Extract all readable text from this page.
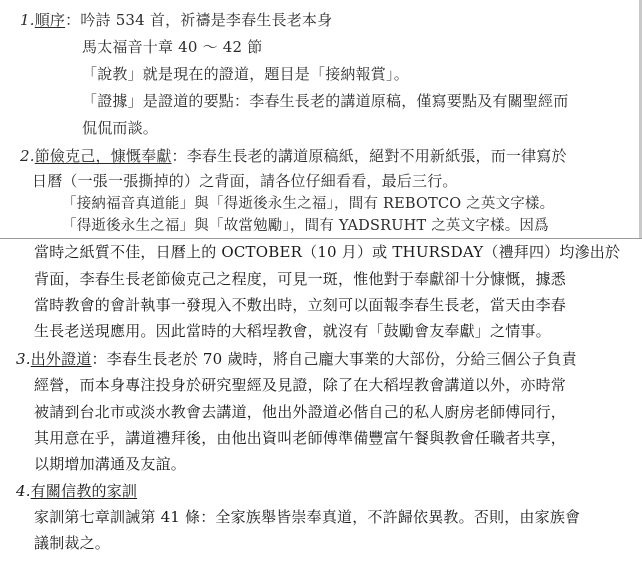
1.順序：吟詩 534 首，祈禱是李春生長老本身
馬太福音十章 40 ～ 42 節
「說教」就是現在的證道，題目是「接納報賞」。
「證據」是證道的要點：李春生長老的講道原稿，僅寫要點及有關聖經而
侃侃而談。
2.節儉克己，慷慨奉獻：李春生長老的講道原稿紙，絕對不用新紙張，而一律寫於
日曆（一張一張撕掉的）之背面，請各位仔細看看，最后三行。
「接納福音真道能」與「得逝後永生之福」，間有 REBOTCO 之英文字樣。
「得逝後永生之福」與「故當勉勵」，間有 YADSRUHT 之英文字樣。因爲
當時之紙質不佳，日曆上的 OCTOBER（10 月）或 THURSDAY（禮拜四）均滲出於
背面，李春生長老節儉克己之程度，可見一斑，惟他對于奉獻卻十分慷慨，據悉
當時教會的會計執事一發現入不敷出時，立刻可以面報李春生長老，當天由李春
生長老送現應用。因此當時的大稻埕教會，就沒有「鼓勵會友奉獻」之情事。
3.出外證道：李春生長老於 70 歲時，將自己龐大事業的大部份，分給三個公子負責
經營，而本身專注投身於研究聖經及見證，除了在大稻埕教會講道以外，亦時常
被請到台北市或淡水教會去講道，他出外證道必偕自己的私人廚房老師傅同行，
其用意在乎，講道禮拜後，由他出資叫老師傅準備豐富午餐與教會任職者共享，
以期增加溝通及友誼。
4.有關信教的家訓
家訓第七章訓誡第 41 條：全家族舉皆崇奉真道，不許歸依異教。否則，由家族會
議制裁之。
